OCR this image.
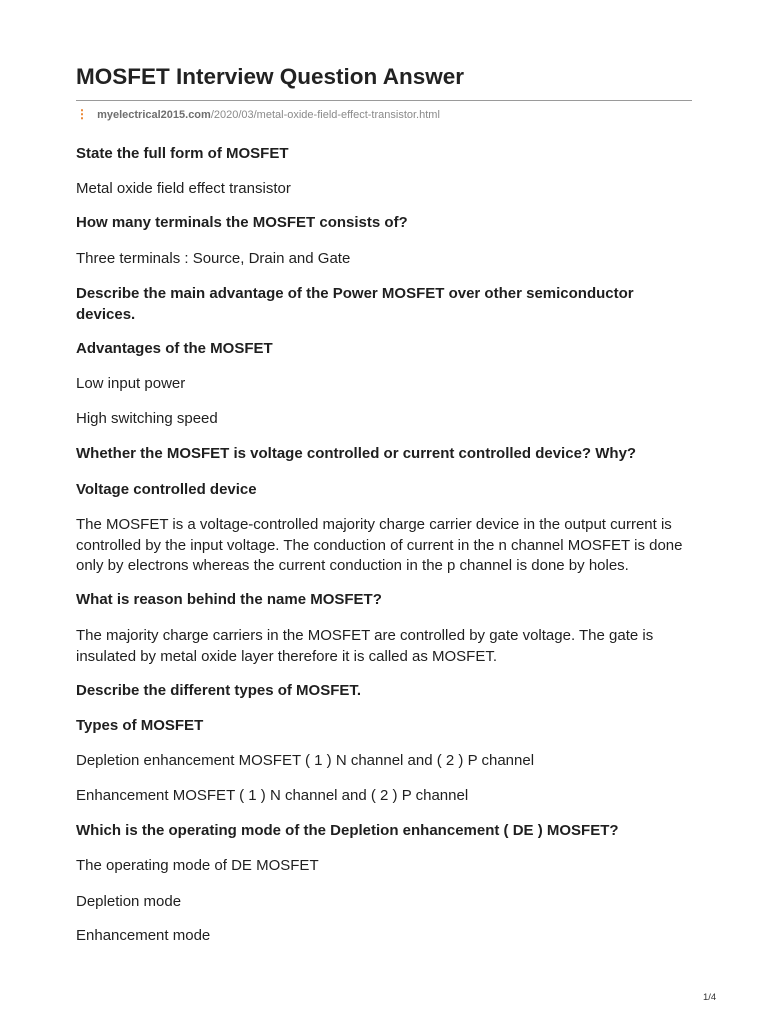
MOSFET Interview Question Answer
⋮ myelectrical2015.com/2020/03/metal-oxide-field-effect-transistor.html

State the full form of MOSFET

Metal oxide field effect transistor

How many terminals the MOSFET consists of?

Three terminals : Source, Drain and Gate

Describe the main advantage of the Power MOSFET over other semiconductor devices.

Advantages of the MOSFET

Low input power

High switching speed

Whether the MOSFET is voltage controlled or current controlled device? Why?

Voltage controlled device

The MOSFET is a voltage-controlled majority charge carrier device in the output current is controlled by the input voltage. The conduction of current in the n channel MOSFET is done only by electrons whereas the current conduction in the p channel is done by holes.

What is reason behind the name MOSFET?

The majority charge carriers in the MOSFET are controlled by gate voltage. The gate is insulated by metal oxide layer therefore it is called as MOSFET.

Describe the different types of MOSFET.

Types of MOSFET

Depletion enhancement MOSFET ( 1 ) N channel and ( 2 ) P channel

Enhancement MOSFET ( 1 ) N channel and ( 2 ) P channel

Which is the operating mode of the Depletion enhancement ( DE ) MOSFET?

The operating mode of DE MOSFET

Depletion mode

Enhancement mode

1/4
